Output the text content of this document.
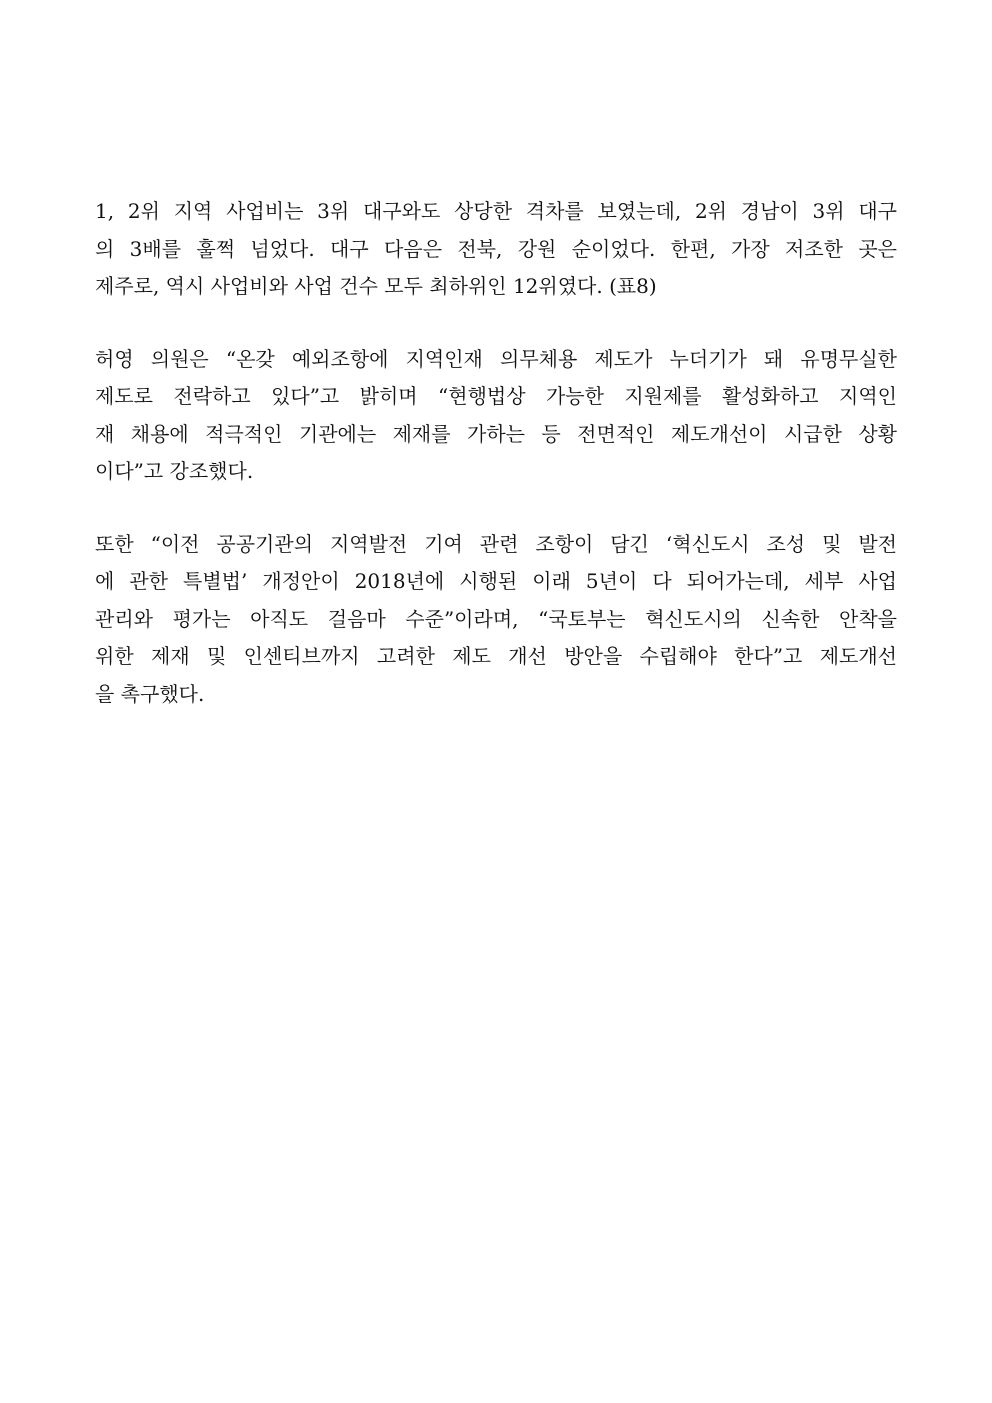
1, 2위 지역 사업비는 3위 대구와도 상당한 격차를 보였는데, 2위 경남이 3위 대구
의 3배를 훌쩍 넘었다. 대구 다음은 전북, 강원 순이었다. 한편, 가장 저조한 곳은
제주로, 역시 사업비와 사업 건수 모두 최하위인 12위였다. (표8)

허영 의원은 “온갖 예외조항에 지역인재 의무체용 제도가 누더기가 돼 유명무실한
제도로 전락하고 있다”고 밝히며 “현행법상 가능한 지원제를 활성화하고 지역인
재 채용에 적극적인 기관에는 제재를 가하는 등 전면적인 제도개선이 시급한 상황
이다”고 강조했다.

또한 “이전 공공기관의 지역발전 기여 관련 조항이 담긴 ‘혁신도시 조성 및 발전
에 관한 특별법’ 개정안이 2018년에 시행된 이래 5년이 다 되어가는데, 세부 사업
관리와 평가는 아직도 걸음마 수준”이라며, “국토부는 혁신도시의 신속한 안착을
위한 제재 및 인센티브까지 고려한 제도 개선 방안을 수립해야 한다”고 제도개선
을 촉구했다.
